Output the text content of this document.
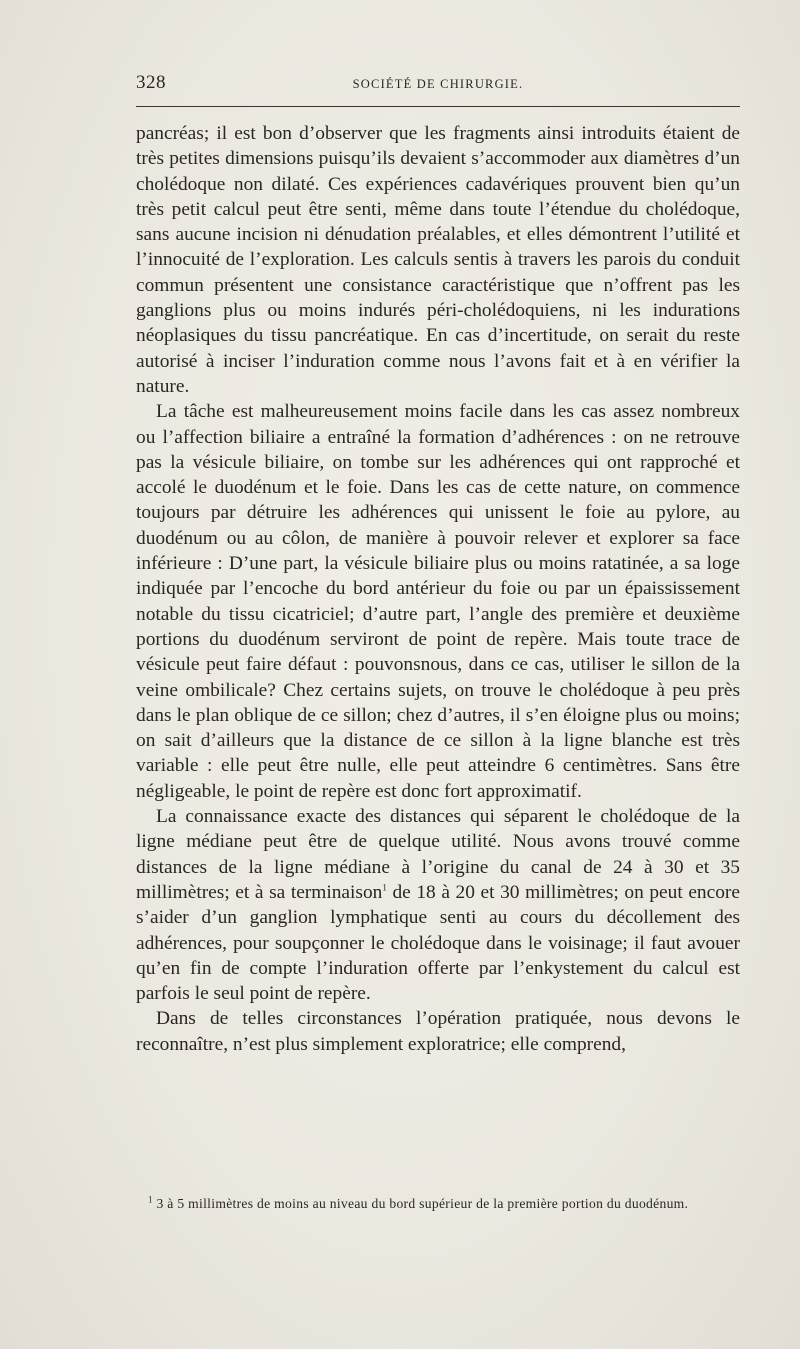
328	SOCIÉTÉ DE CHIRURGIE.

pancréas; il est bon d’observer que les fragments ainsi introduits étaient de très petites dimensions puisqu’ils devaient s’accommoder aux diamètres d’un cholédoque non dilaté. Ces expériences cadavériques prouvent bien qu’un très petit calcul peut être senti, même dans toute l’étendue du cholédoque, sans aucune incision ni dénudation préalables, et elles démontrent l’utilité et l’innocuité de l’exploration. Les calculs sentis à travers les parois du conduit commun présentent une consistance caractéristique que n’offrent pas les ganglions plus ou moins indurés péri-cholédoquiens, ni les indurations néoplasiques du tissu pancréatique. En cas d’incertitude, on serait du reste autorisé à inciser l’induration comme nous l’avons fait et à en vérifier la nature.

La tâche est malheureusement moins facile dans les cas assez nombreux ou l’affection biliaire a entraîné la formation d’adhérences : on ne retrouve pas la vésicule biliaire, on tombe sur les adhérences qui ont rapproché et accolé le duodénum et le foie. Dans les cas de cette nature, on commence toujours par détruire les adhérences qui unissent le foie au pylore, au duodénum ou au côlon, de manière à pouvoir relever et explorer sa face inférieure : D’une part, la vésicule biliaire plus ou moins ratatinée, a sa loge indiquée par l’encoche du bord antérieur du foie ou par un épaississement notable du tissu cicatriciel; d’autre part, l’angle des première et deuxième portions du duodénum serviront de point de repère. Mais toute trace de vésicule peut faire défaut : pouvonsnous, dans ce cas, utiliser le sillon de la veine ombilicale? Chez certains sujets, on trouve le cholédoque à peu près dans le plan oblique de ce sillon; chez d’autres, il s’en éloigne plus ou moins; on sait d’ailleurs que la distance de ce sillon à la ligne blanche est très variable : elle peut être nulle, elle peut atteindre 6 centimètres. Sans être négligeable, le point de repère est donc fort approximatif.

La connaissance exacte des distances qui séparent le cholédoque de la ligne médiane peut être de quelque utilité. Nous avons trouvé comme distances de la ligne médiane à l’origine du canal de 24 à 30 et 35 millimètres; et à sa terminaison$^1$ de 18 à 20 et 30 millimètres; on peut encore s’aider d’un ganglion lymphatique senti au cours du décollement des adhérences, pour soupçonner le cholédoque dans le voisinage; il faut avouer qu’en fin de compte l’induration offerte par l’enkystement du calcul est parfois le seul point de repère.

Dans de telles circonstances l’opération pratiquée, nous devons le reconnaître, n’est plus simplement exploratrice; elle comprend,

$^1$ 3 à 5 millimètres de moins au niveau du bord supérieur de la première portion du duodénum.
